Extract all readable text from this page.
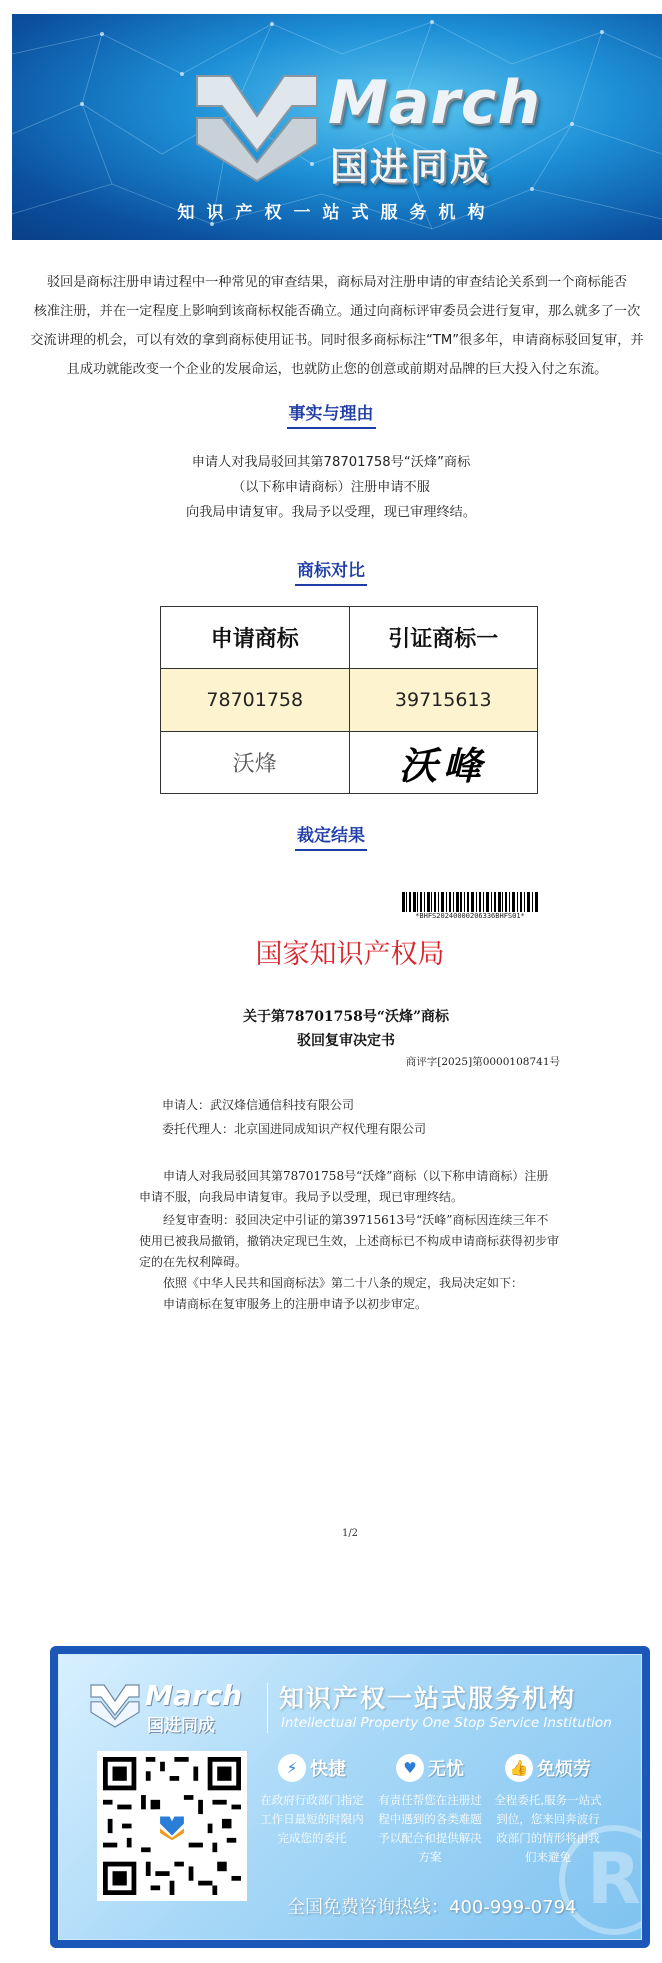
March
国进同成
知识产权一站式服务机构

驳回是商标注册申请过程中一种常见的审查结果，商标局对注册申请的审查结论关系到一个商标能否

核准注册，并在一定程度上影响到该商标权能否确立。通过向商标评审委员会进行复审，那么就多了一次

交流讲理的机会，可以有效的拿到商标使用证书。同时很多商标标注“TM”很多年，申请商标驳回复审，并

且成功就能改变一个企业的发展命运，也就防止您的创意或前期对品牌的巨大投入付之东流。

事实与理由
申请人对我局驳回其第78701758号“沃烽”商标
（以下称申请商标）注册申请不服
向我局申请复审。我局予以受理，现已审理终结。
商标对比
申请商标	引证商标一
78701758	39715613
沃烽	沃峰
裁定结果
*BHFS20240000206336BHFS01*
国家知识产权局
关于第78701758号“沃烽”商标
驳回复审决定书
商评字[2025]第0000108741号
申请人：武汉烽信通信科技有限公司
委托代理人：北京国进同成知识产权代理有限公司

申请人对我局驳回其第78701758号“沃烽”商标（以下称申请商标）注册申请不服，向我局申请复审。我局予以受理，现已审理终结。

经复审查明：驳回决定中引证的第39715613号“沃峰”商标因连续三年不使用已被我局撤销，撤销决定现已生效，上述商标已不构成申请商标获得初步审定的在先权利障碍。

依照《中华人民共和国商标法》第二十八条的规定，我局决定如下：

申请商标在复审服务上的注册申请予以初步审定。

1/2
March
国进同成
知识产权一站式服务机构
Intellectual Property One Stop Service Institution
⚡ 快捷
在政府行政部门指定工作日最短的时限内完成您的委托
♥ 无忧
有责任帮您在注册过程中遇到的各类难题予以配合和提供解决方案
👍 免烦劳
全程委托,服务一站式到位，您来回奔波行政部门的情形将由我们来避免 R
全国免费咨询热线：400-999-0794
